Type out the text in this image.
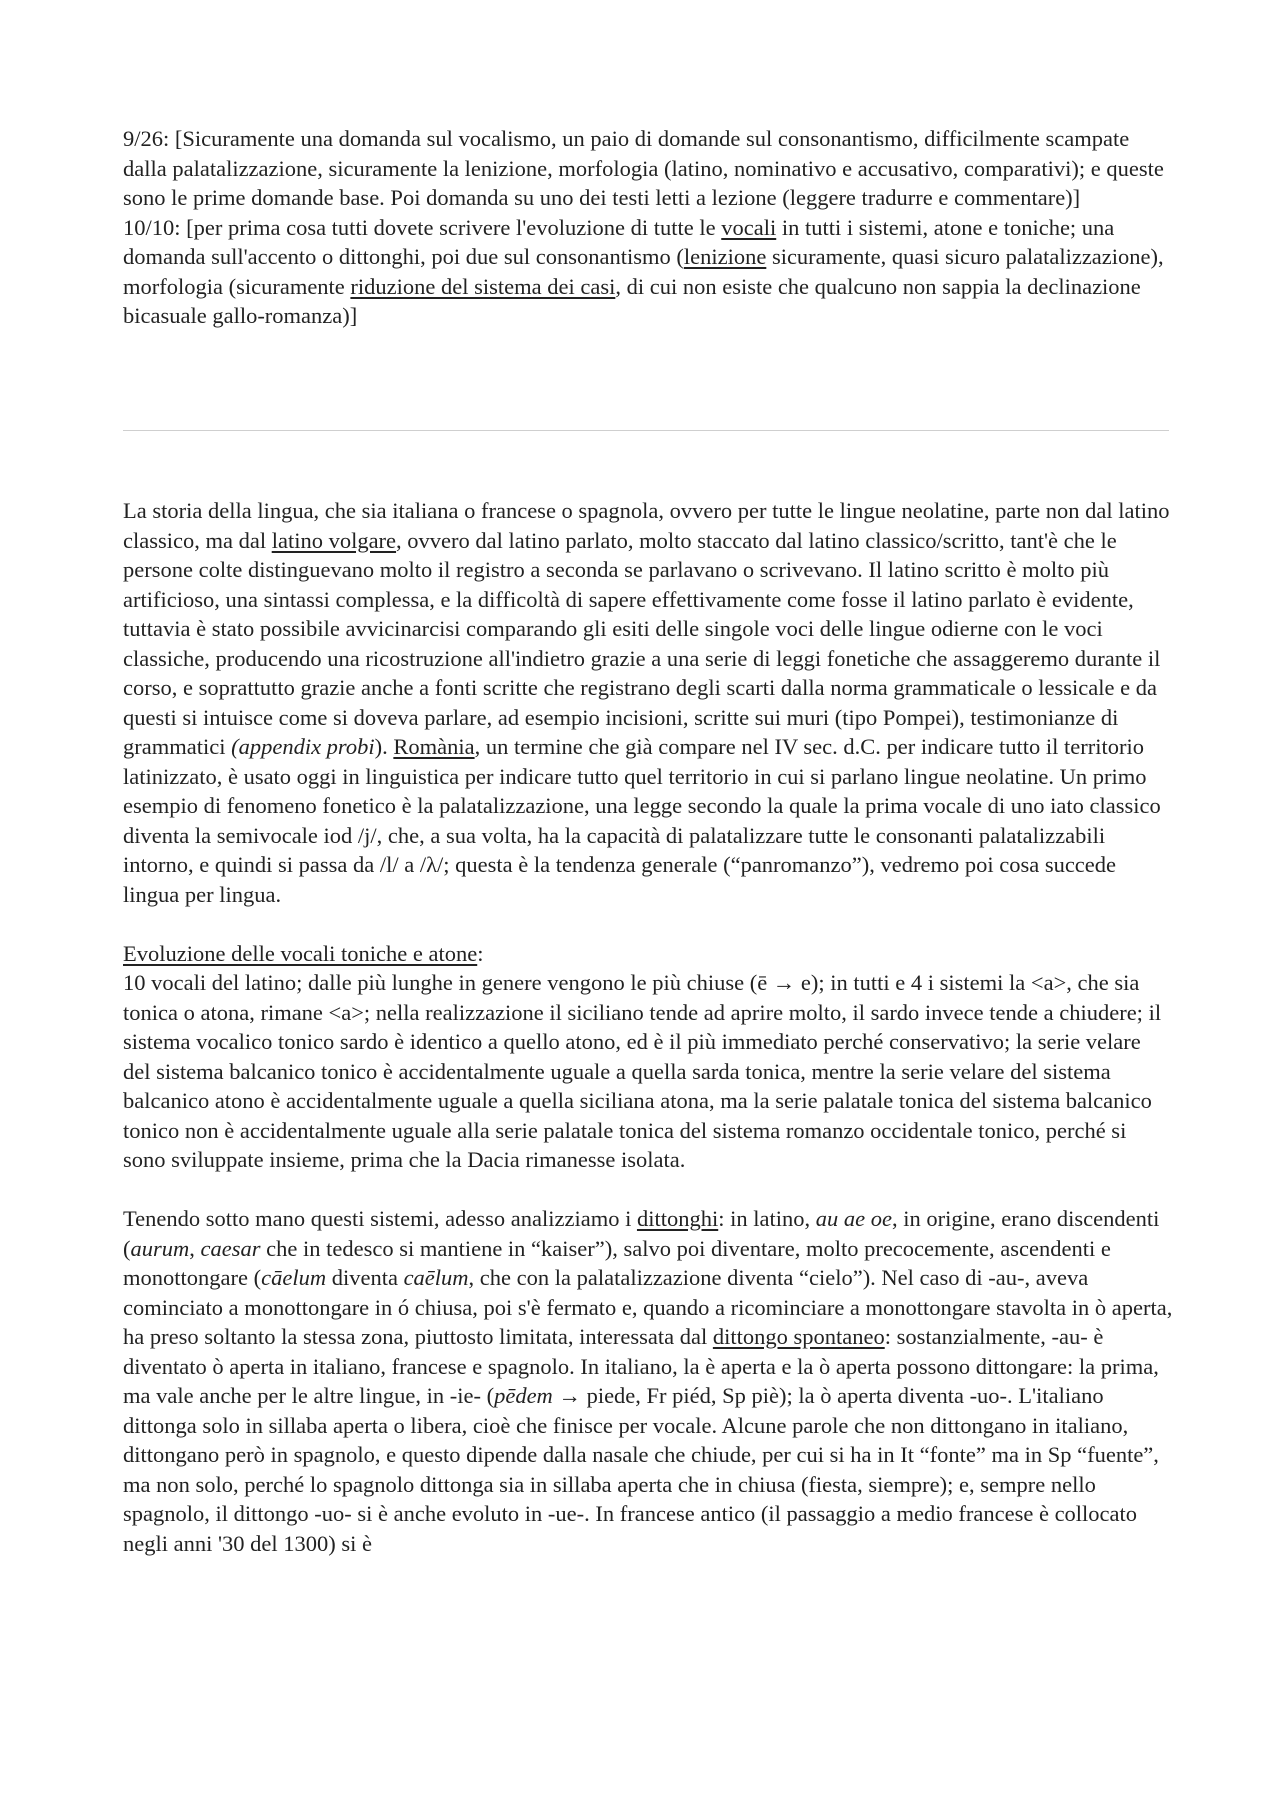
9/26: [Sicuramente una domanda sul vocalismo, un paio di domande sul consonantismo, difficilmente scampate dalla palatalizzazione, sicuramente la lenizione, morfologia (latino, nominativo e accusativo, comparativi); e queste sono le prime domande base. Poi domanda su uno dei testi letti a lezione (leggere tradurre e commentare)]

10/10: [per prima cosa tutti dovete scrivere l'evoluzione di tutte le vocali in tutti i sistemi, atone e toniche; una domanda sull'accento o dittonghi, poi due sul consonantismo (lenizione sicuramente, quasi sicuro palatalizzazione), morfologia (sicuramente riduzione del sistema dei casi, di cui non esiste che qualcuno non sappia la declinazione bicasuale gallo-romanza)]

La storia della lingua, che sia italiana o francese o spagnola, ovvero per tutte le lingue neolatine, parte non dal latino classico, ma dal latino volgare, ovvero dal latino parlato, molto staccato dal latino classico/scritto, tant'è che le persone colte distinguevano molto il registro a seconda se parlavano o scrivevano. Il latino scritto è molto più artificioso, una sintassi complessa, e la difficoltà di sapere effettivamente come fosse il latino parlato è evidente, tuttavia è stato possibile avvicinarcisi comparando gli esiti delle singole voci delle lingue odierne con le voci classiche, producendo una ricostruzione all'indietro grazie a una serie di leggi fonetiche che assaggeremo durante il corso, e soprattutto grazie anche a fonti scritte che registrano degli scarti dalla norma grammaticale o lessicale e da questi si intuisce come si doveva parlare, ad esempio incisioni, scritte sui muri (tipo Pompei), testimonianze di grammatici (appendix probi). Romània, un termine che già compare nel IV sec. d.C. per indicare tutto il territorio latinizzato, è usato oggi in linguistica per indicare tutto quel territorio in cui si parlano lingue neolatine. Un primo esempio di fenomeno fonetico è la palatalizzazione, una legge secondo la quale la prima vocale di uno iato classico diventa la semivocale iod /j/, che, a sua volta, ha la capacità di palatalizzare tutte le consonanti palatalizzabili intorno, e quindi si passa da /l/ a /λ/; questa è la tendenza generale (“panromanzo”), vedremo poi cosa succede lingua per lingua.

Evoluzione delle vocali toniche e atone:
10 vocali del latino; dalle più lunghe in genere vengono le più chiuse (ē → e); in tutti e 4 i sistemi la <a>, che sia tonica o atona, rimane <a>; nella realizzazione il siciliano tende ad aprire molto, il sardo invece tende a chiudere; il sistema vocalico tonico sardo è identico a quello atono, ed è il più immediato perché conservativo; la serie velare del sistema balcanico tonico è accidentalmente uguale a quella sarda tonica, mentre la serie velare del sistema balcanico atono è accidentalmente uguale a quella siciliana atona, ma la serie palatale tonica del sistema balcanico tonico non è accidentalmente uguale alla serie palatale tonica del sistema romanzo occidentale tonico, perché si sono sviluppate insieme, prima che la Dacia rimanesse isolata.

Tenendo sotto mano questi sistemi, adesso analizziamo i dittonghi: in latino, au ae oe, in origine, erano discendenti (aurum, caesar che in tedesco si mantiene in “kaiser”), salvo poi diventare, molto precocemente, ascendenti e monottongare (cāelum diventa caēlum, che con la palatalizzazione diventa “cielo”). Nel caso di -au-, aveva cominciato a monottongare in ó chiusa, poi s'è fermato e, quando a ricominciare a monottongare stavolta in ò aperta, ha preso soltanto la stessa zona, piuttosto limitata, interessata dal dittongo spontaneo: sostanzialmente, -au- è diventato ò aperta in italiano, francese e spagnolo. In italiano, la è aperta e la ò aperta possono dittongare: la prima, ma vale anche per le altre lingue, in -ie- (pēdem → piede, Fr piéd, Sp piè); la ò aperta diventa -uo-. L'italiano dittonga solo in sillaba aperta o libera, cioè che finisce per vocale. Alcune parole che non dittongano in italiano, dittongano però in spagnolo, e questo dipende dalla nasale che chiude, per cui si ha in It “fonte” ma in Sp “fuente”, ma non solo, perché lo spagnolo dittonga sia in sillaba aperta che in chiusa (fiesta, siempre); e, sempre nello spagnolo, il dittongo -uo- si è anche evoluto in -ue-. In francese antico (il passaggio a medio francese è collocato negli anni '30 del 1300) si è
